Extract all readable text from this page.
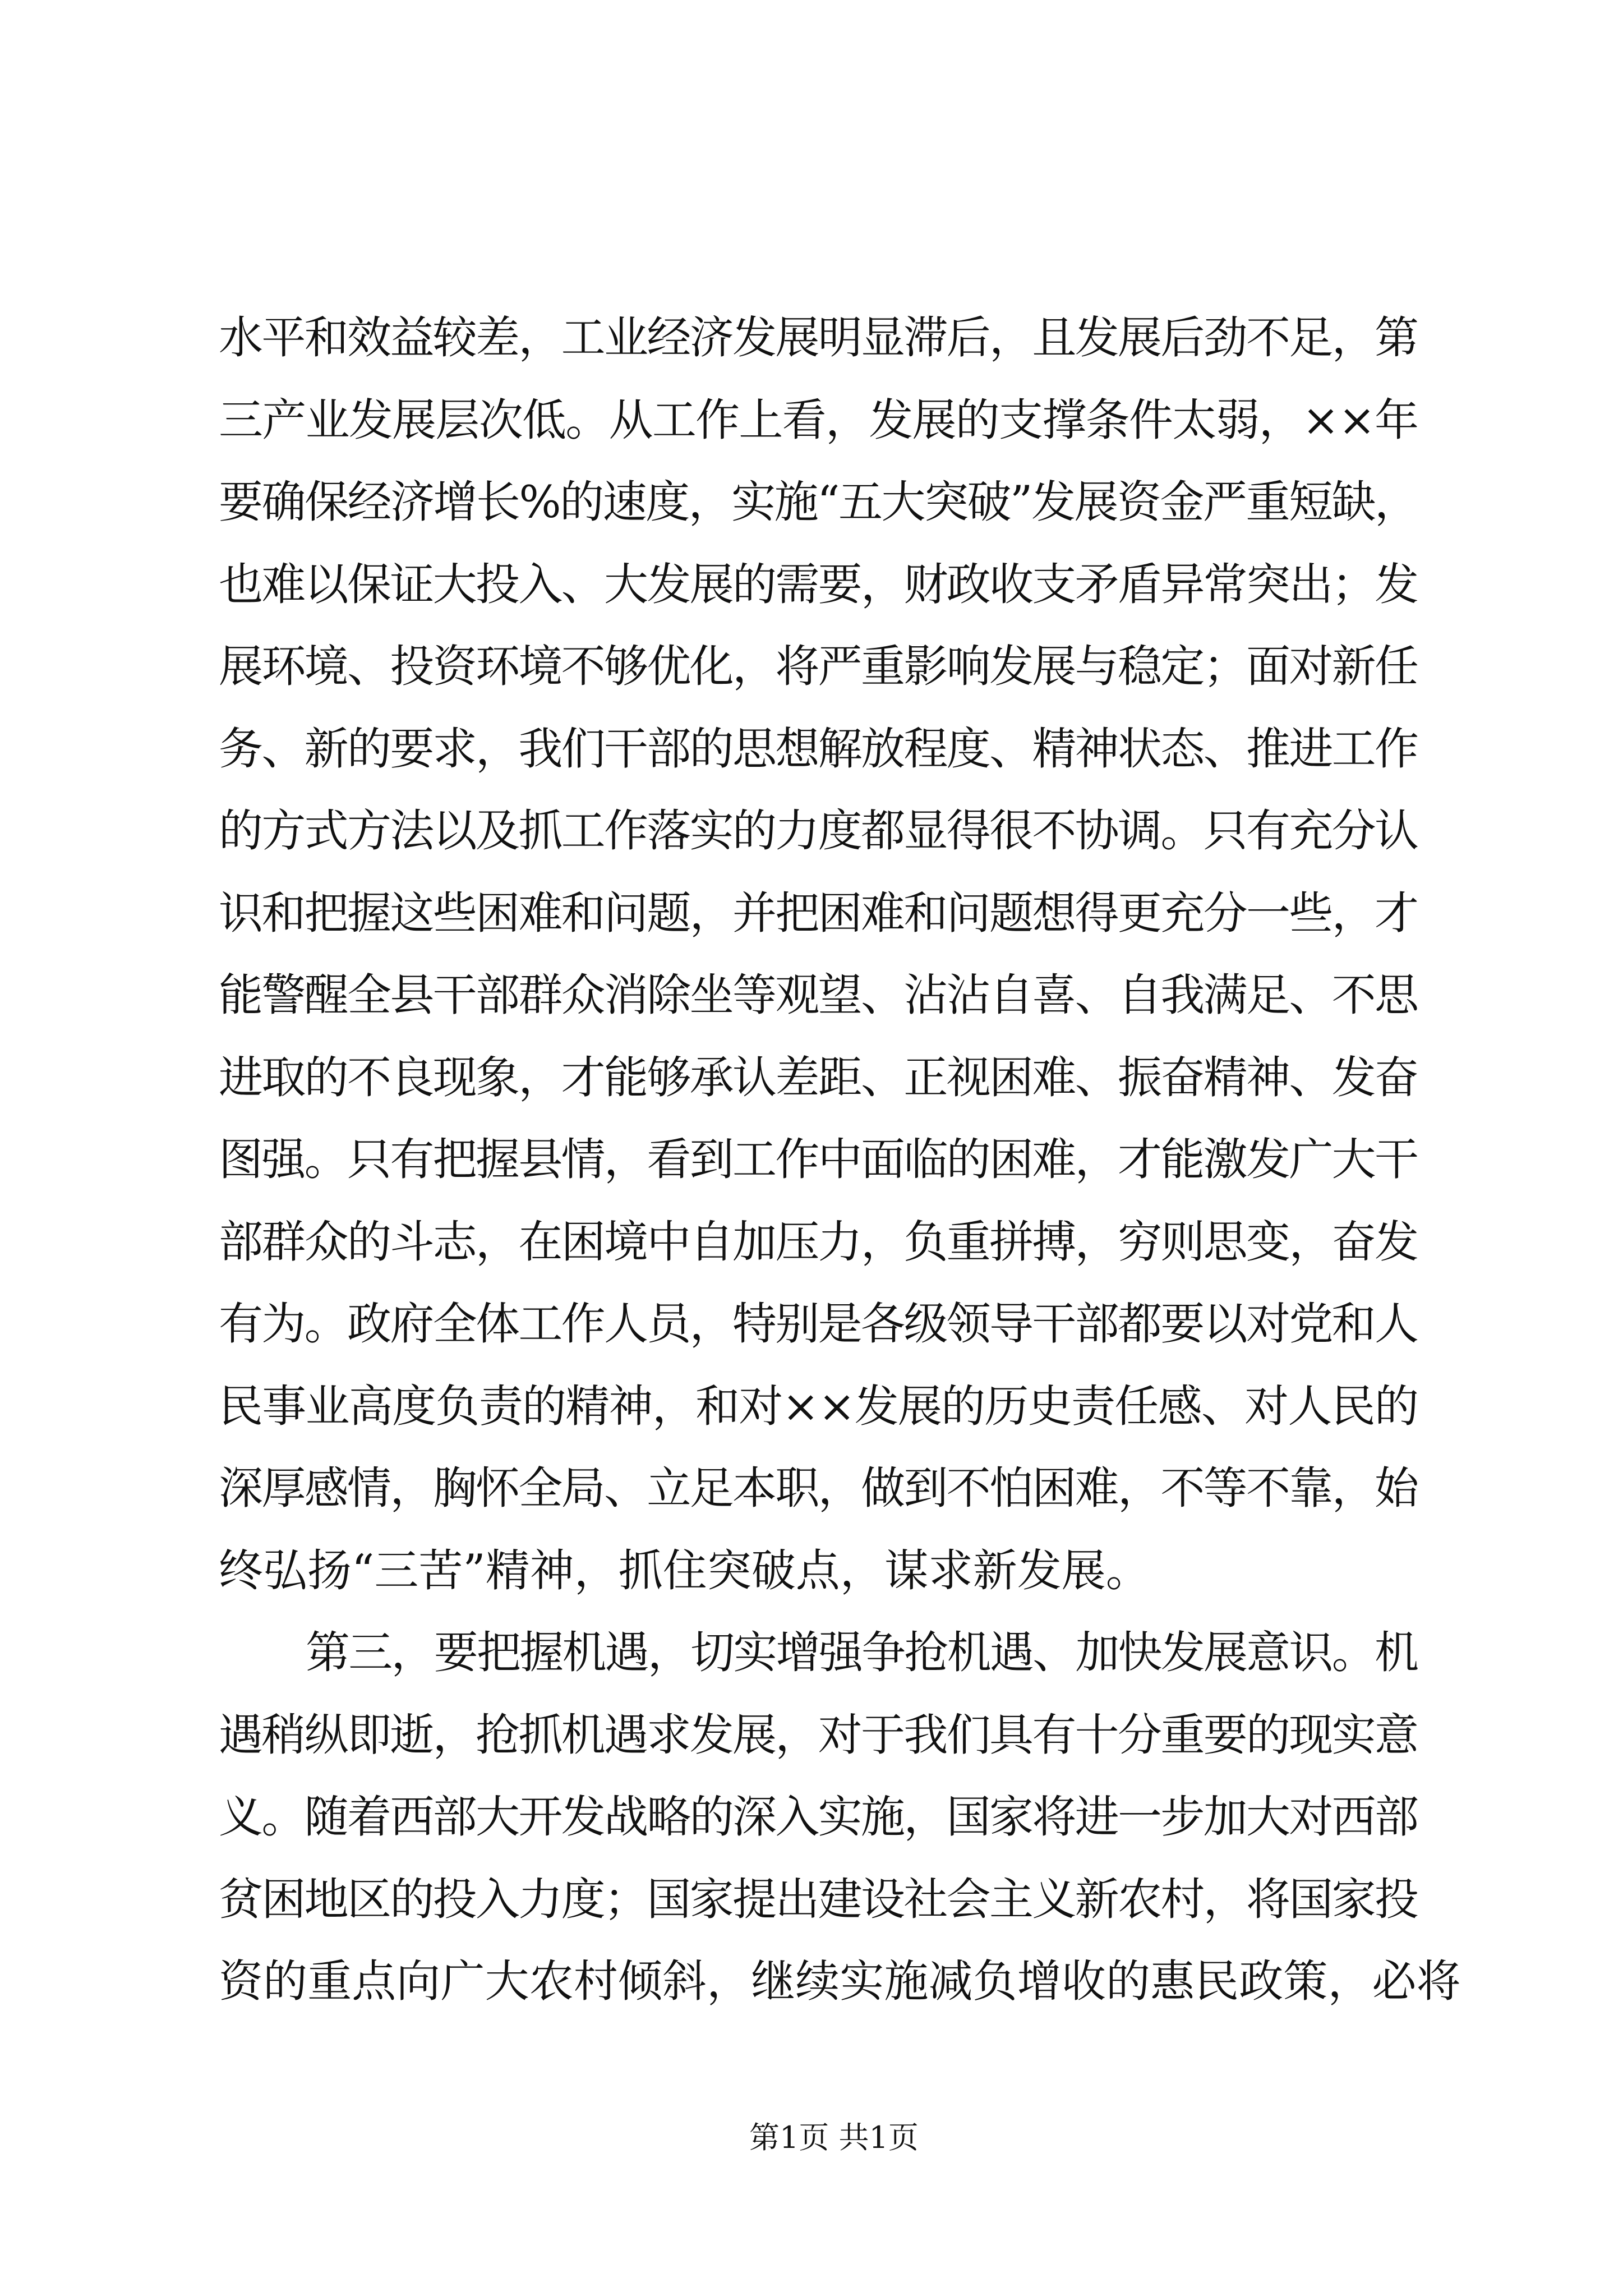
水平和效益较差，工业经济发展明显滞后，且发展后劲不足，第
三产业发展层次低。从工作上看，发展的支撑条件太弱，××年
要确保经济增长%的速度，实施“五大突破”发展资金严重短缺，
也难以保证大投入、大发展的需要，财政收支矛盾异常突出；发
展环境、投资环境不够优化，将严重影响发展与稳定；面对新任
务、新的要求，我们干部的思想解放程度、精神状态、推进工作
的方式方法以及抓工作落实的力度都显得很不协调。只有充分认
识和把握这些困难和问题，并把困难和问题想得更充分一些，才
能警醒全县干部群众消除坐等观望、沾沾自喜、自我满足、不思
进取的不良现象，才能够承认差距、正视困难、振奋精神、发奋
图强。只有把握县情，看到工作中面临的困难，才能激发广大干
部群众的斗志，在困境中自加压力，负重拼搏，穷则思变，奋发
有为。政府全体工作人员，特别是各级领导干部都要以对党和人
民事业高度负责的精神，和对××发展的历史责任感、对人民的
深厚感情，胸怀全局、立足本职，做到不怕困难，不等不靠，始
终弘扬“三苦”精神，抓住突破点，谋求新发展。
第三，要把握机遇，切实增强争抢机遇、加快发展意识。机
遇稍纵即逝，抢抓机遇求发展，对于我们具有十分重要的现实意
义。随着西部大开发战略的深入实施，国家将进一步加大对西部
贫困地区的投入力度；国家提出建设社会主义新农村，将国家投
资的重点向广大农村倾斜，继续实施减负增收的惠民政策，必将
第1页 共1页
